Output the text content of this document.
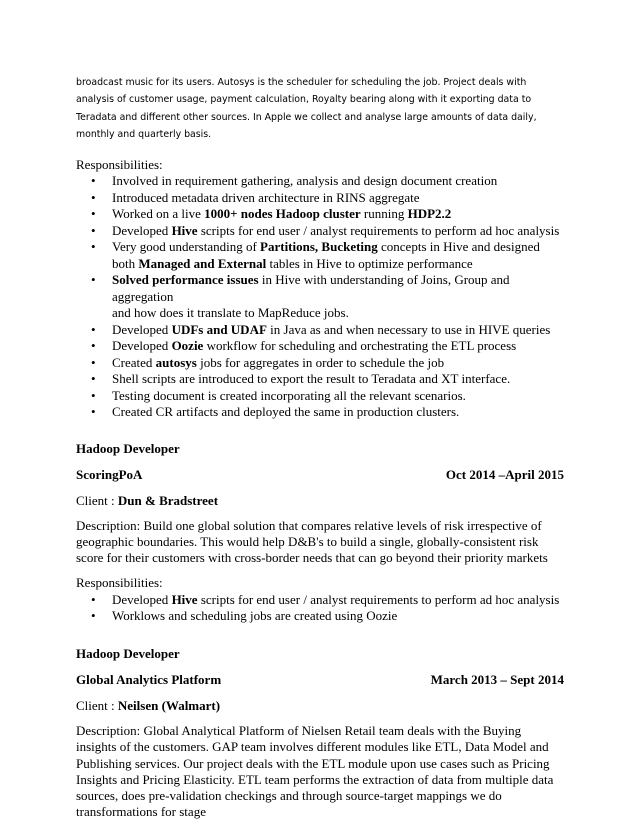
broadcast music for its users. Autosys is the scheduler for scheduling the job. Project deals with analysis of customer usage, payment calculation, Royalty bearing along with it exporting data to Teradata and different other sources. In Apple we collect and analyse large amounts of data daily, monthly and quarterly basis.

Responsibilities:

• Involved in requirement gathering, analysis and design document creation
• Introduced metadata driven architecture in RINS aggregate
• Worked on a live 1000+ nodes Hadoop cluster running HDP2.2
• Developed Hive scripts for end user / analyst requirements to perform ad hoc analysis
• Very good understanding of Partitions, Bucketing concepts in Hive and designed
both Managed and External tables in Hive to optimize performance
• Solved performance issues in Hive with understanding of Joins, Group and aggregation
and how does it translate to MapReduce jobs.
• Developed UDFs and UDAF in Java as and when necessary to use in HIVE queries
• Developed Oozie workflow for scheduling and orchestrating the ETL process
• Created autosys jobs for aggregates in order to schedule the job
• Shell scripts are introduced to export the result to Teradata and XT interface.
• Testing document is created incorporating all the relevant scenarios.
• Created CR artifacts and deployed the same in production clusters.

Hadoop Developer

ScoringPoA	Oct 2014 –April 2015

Client : Dun & Bradstreet

Description: Build one global solution that compares relative levels of risk irrespective of geographic boundaries. This would help D&B's to build a single, globally-consistent risk score for their customers with cross-border needs that can go beyond their priority markets

Responsibilities:

• Developed Hive scripts for end user / analyst requirements to perform ad hoc analysis
• Worklows and scheduling jobs are created using Oozie

Hadoop Developer

Global Analytics Platform	March 2013 – Sept 2014

Client : Neilsen (Walmart)

Description: Global Analytical Platform of Nielsen Retail team deals with the Buying insights of the customers. GAP team involves different modules like ETL, Data Model and Publishing services. Our project deals with the ETL module upon use cases such as Pricing Insights and Pricing Elasticity. ETL team performs the extraction of data from multiple data sources, does pre-validation checkings and through source-target mappings we do transformations for stage
